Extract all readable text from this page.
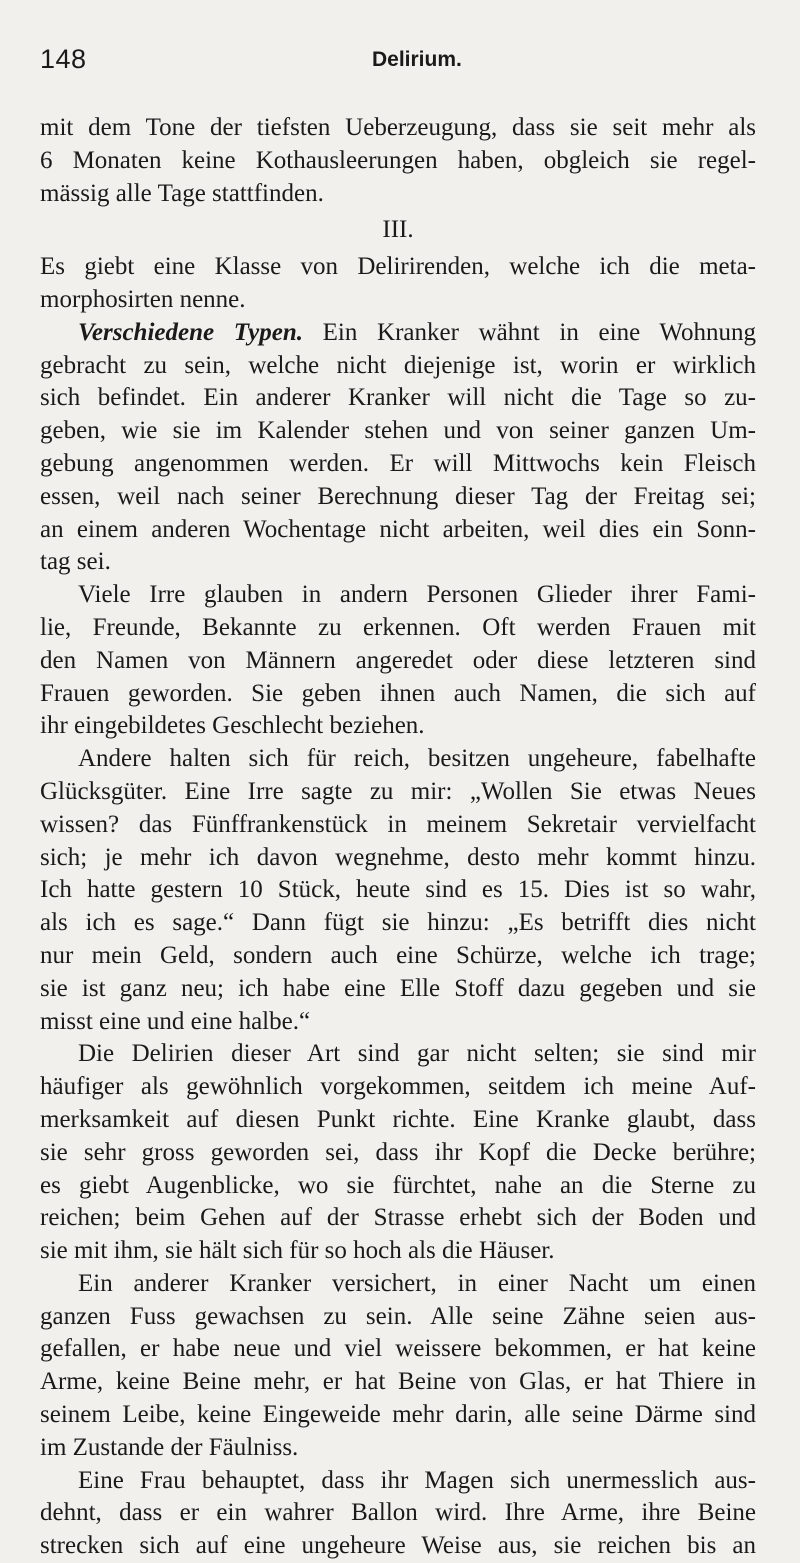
148	Delirium.
mit dem Tone der tiefsten Ueberzeugung, dass sie seit mehr als
6 Monaten keine Kothausleerungen haben, obgleich sie regel-
mässig alle Tage stattfinden.
III.
Es giebt eine Klasse von Delirirenden, welche ich die meta-
morphosirten nenne.
Verschiedene Typen. Ein Kranker wähnt in eine Wohnung
gebracht zu sein, welche nicht diejenige ist, worin er wirklich
sich befindet. Ein anderer Kranker will nicht die Tage so zu-
geben, wie sie im Kalender stehen und von seiner ganzen Um-
gebung angenommen werden. Er will Mittwochs kein Fleisch
essen, weil nach seiner Berechnung dieser Tag der Freitag sei;
an einem anderen Wochentage nicht arbeiten, weil dies ein Sonn-
tag sei.
Viele Irre glauben in andern Personen Glieder ihrer Fami-
lie, Freunde, Bekannte zu erkennen. Oft werden Frauen mit
den Namen von Männern angeredet oder diese letzteren sind
Frauen geworden. Sie geben ihnen auch Namen, die sich auf
ihr eingebildetes Geschlecht beziehen.
Andere halten sich für reich, besitzen ungeheure, fabelhafte
Glücksgüter. Eine Irre sagte zu mir: „Wollen Sie etwas Neues
wissen? das Fünffrankenstück in meinem Sekretair vervielfacht
sich; je mehr ich davon wegnehme, desto mehr kommt hinzu.
Ich hatte gestern 10 Stück, heute sind es 15. Dies ist so wahr,
als ich es sage.“ Dann fügt sie hinzu: „Es betrifft dies nicht
nur mein Geld, sondern auch eine Schürze, welche ich trage;
sie ist ganz neu; ich habe eine Elle Stoff dazu gegeben und sie
misst eine und eine halbe.“
Die Delirien dieser Art sind gar nicht selten; sie sind mir
häufiger als gewöhnlich vorgekommen, seitdem ich meine Auf-
merksamkeit auf diesen Punkt richte. Eine Kranke glaubt, dass
sie sehr gross geworden sei, dass ihr Kopf die Decke berühre;
es giebt Augenblicke, wo sie fürchtet, nahe an die Sterne zu
reichen; beim Gehen auf der Strasse erhebt sich der Boden und
sie mit ihm, sie hält sich für so hoch als die Häuser.
Ein anderer Kranker versichert, in einer Nacht um einen
ganzen Fuss gewachsen zu sein. Alle seine Zähne seien aus-
gefallen, er habe neue und viel weissere bekommen, er hat keine
Arme, keine Beine mehr, er hat Beine von Glas, er hat Thiere in
seinem Leibe, keine Eingeweide mehr darin, alle seine Därme sind
im Zustande der Fäulniss.
Eine Frau behauptet, dass ihr Magen sich unermesslich aus-
dehnt, dass er ein wahrer Ballon wird. Ihre Arme, ihre Beine
strecken sich auf eine ungeheure Weise aus, sie reichen bis an
